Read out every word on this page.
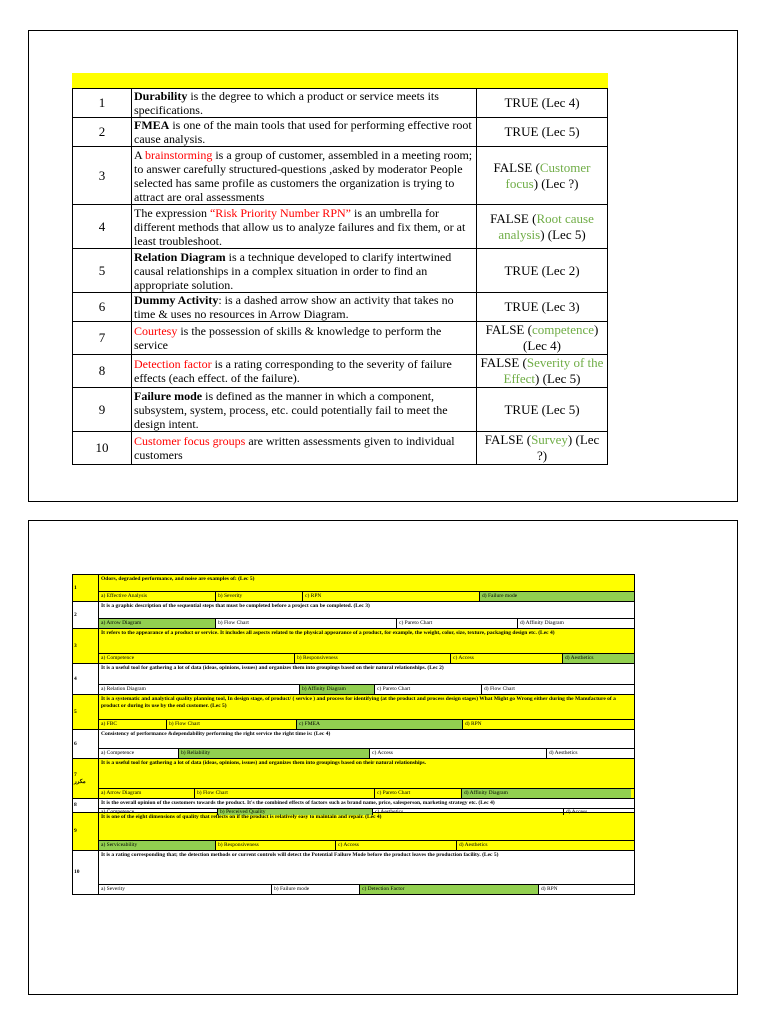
1	Durability is the degree to which a product or service meets its specifications.	TRUE (Lec 4)
2	FMEA is one of the main tools that used for performing effective root cause analysis.	TRUE (Lec 5)
3	A brainstorming is a group of customer, assembled in a meeting room; to answer carefully structured-questions ,asked by moderator People selected has same profile as customers the organization is trying to attract are oral assessments	FALSE (Customer focus) (Lec ?)
4	The expression “Risk Priority Number RPN” is an umbrella for different methods that allow us to analyze failures and fix them, or at least troubleshoot.	FALSE (Root cause analysis) (Lec 5)
5	Relation Diagram is a technique developed to clarify intertwined causal relationships in a complex situation in order to find an appropriate solution.	TRUE (Lec 2)
6	Dummy Activity: is a dashed arrow show an activity that takes no time & uses no resources in Arrow Diagram.	TRUE (Lec 3)
7	Courtesy is the possession of skills & knowledge to perform the service	FALSE (competence) (Lec 4)
8	Detection factor is a rating corresponding to the severity of failure effects (each effect. of the failure).	FALSE (Severity of the Effect) (Lec 5)
9	Failure mode is defined as the manner in which a component, subsystem, system, process, etc. could potentially fail to meet the design intent.	TRUE (Lec 5)
10	Customer focus groups are written assessments given to individual customers	FALSE (Survey) (Lec ?)
1
Odors, degraded performance, and noise are examples of: (Lec 5)
a) Effective Analysis	b) Severity	c) RPN	d) Failure mode
2
It is a graphic description of the sequential steps that must be completed before a project can be completed. (Lec 3)
a) Arrow Diagram	b) Flow Chart	c) Pareto Chart	d) Affinity Diagram
3
It refers to the appearance of a product or service. It includes all aspects related to the physical appearance of a product, for example, the weight, color, size, texture, packaging design etc. (Lec 4)
a) Competence	b) Responsiveness	c) Access	d) Aesthetics
4
It is a useful tool for gathering a lot of data (ideas, opinions, issues) and organizes them into groupings based on their natural relationships. (Lec 2)
a) Relation Diagram	b) Affinity Diagram	c) Pareto Chart	d) Flow Chart
5
It is a systematic and analytical quality planning tool, In design stage, of product/ ( service ) and process for identifying (at the product and process design stages) What Might go Wrong either during the Manufacture of a product or during its use by the end customer. (Lec 5)
a) FBC	b) Flow Chart	c) FMEA	d) RPN
6
Consistency of performance &dependability performing the right service the right time is: (Lec 4)
a) Competence	b) Reliability	c) Access	d) Aesthetics
7
مكرر
It is a useful tool for gathering a lot of data (ideas, opinions, issues) and organizes them into groupings based on their natural relationships.
a) Arrow Diagram	b) Flow Chart	c) Pareto Chart	d) Affinity Diagram
8	It is the overall opinion of the customers towards the product. It's the combined effects of factors such as brand name, price, salesperson, marketing strategy etc. (Lec 4)
a) Competence	b) Perceived Quality	c) Aesthetics	d) Access
9
It is one of the eight dimensions of quality that reflects on if the product is relatively easy to maintain and repair. (Lec 4)
a) Serviceability	b) Responsiveness	c) Access	d) Aesthetics
10
It is a rating corresponding that; the detection methods or current controls will detect the Potential Failure Mode before the product leaves the production facility. (Lec 5)
a) Severity	b) Failure mode	c) Detection Factor	d) RPN
